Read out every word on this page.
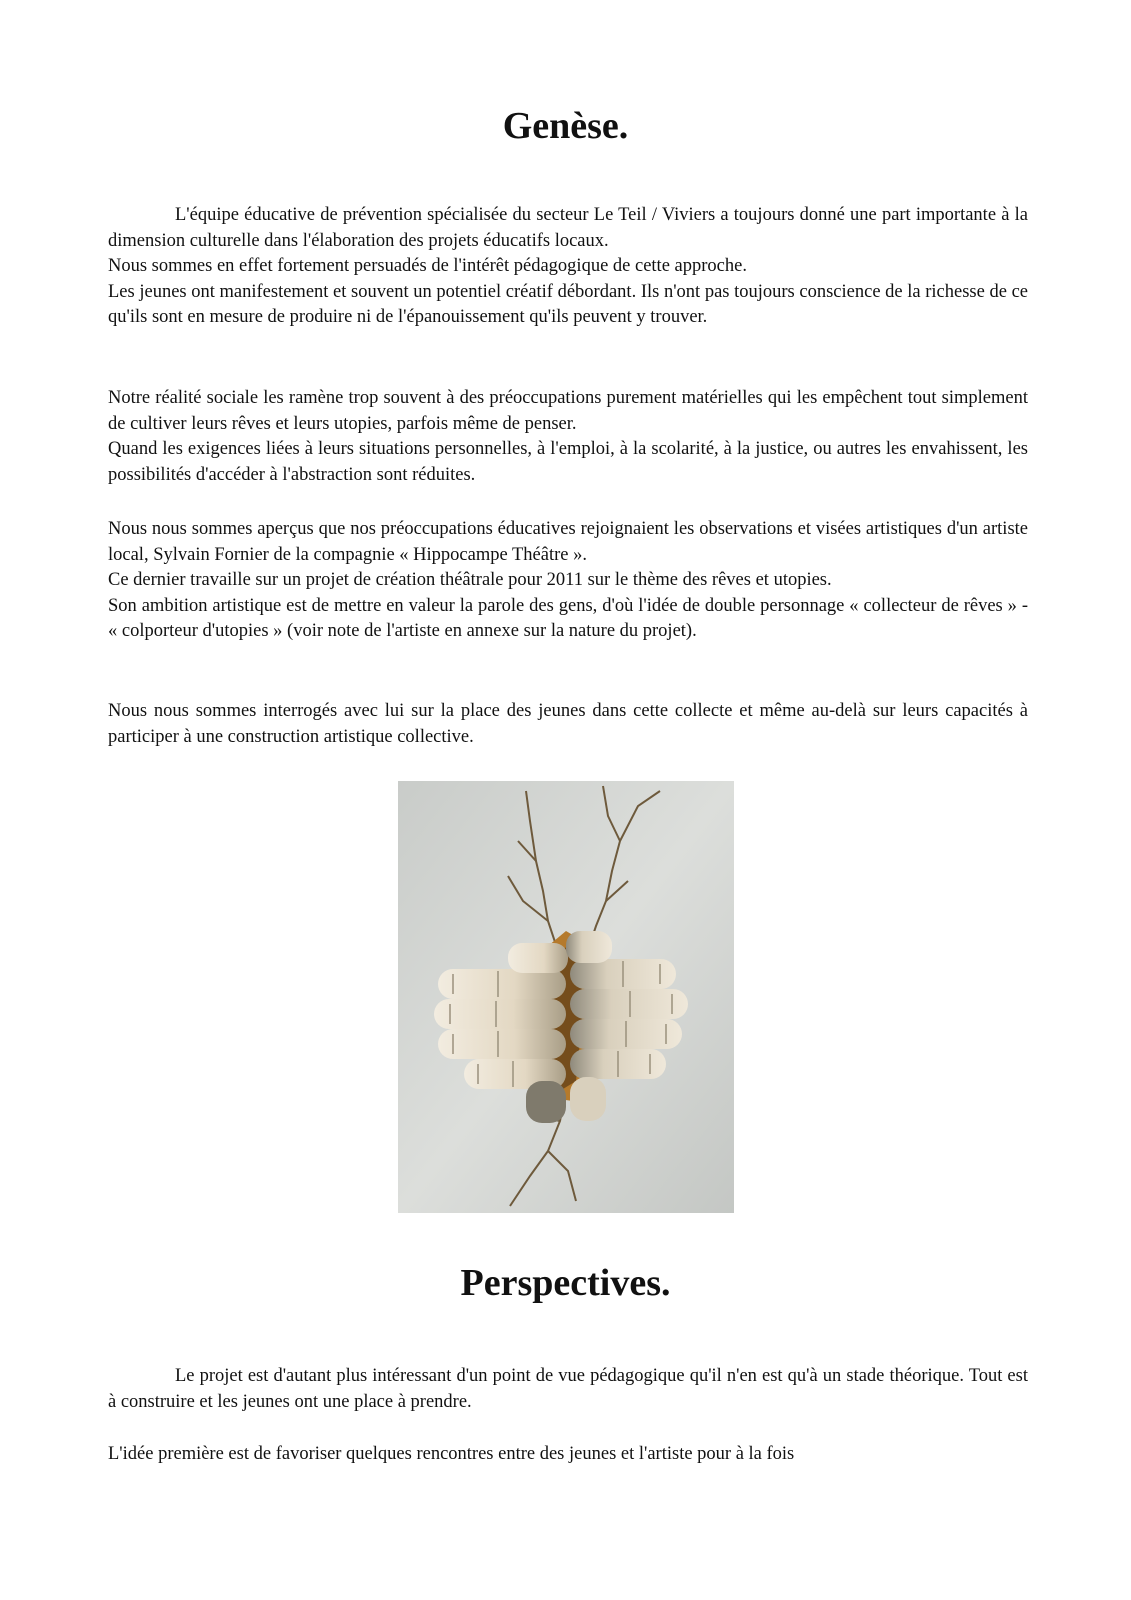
Genèse.

L'équipe éducative de prévention spécialisée du secteur Le Teil / Viviers a toujours donné une part importante à la dimension culturelle dans l'élaboration des projets éducatifs locaux.

Nous sommes en effet fortement persuadés de l'intérêt pédagogique de cette approche.

Les jeunes ont manifestement et souvent un potentiel créatif débordant. Ils n'ont pas toujours conscience de la richesse de ce qu'ils sont en mesure de produire ni de l'épanouissement qu'ils peuvent y trouver.

Notre réalité sociale les ramène trop souvent à des préoccupations purement matérielles qui les empêchent tout simplement de cultiver leurs rêves et leurs utopies, parfois même de penser.

Quand les exigences liées à leurs situations personnelles, à l'emploi, à la scolarité, à la justice, ou autres les envahissent, les possibilités d'accéder à l'abstraction sont réduites.

Nous nous sommes aperçus que nos préoccupations éducatives rejoignaient les observations et visées artistiques d'un artiste local, Sylvain Fornier de la compagnie « Hippocampe Théâtre ».

Ce dernier travaille sur un projet de création théâtrale pour 2011 sur le thème des rêves et utopies.

Son ambition artistique est de mettre en valeur la parole des gens, d'où l'idée de double personnage « collecteur de rêves » - « colporteur d'utopies » (voir note de l'artiste en annexe sur la nature du projet).

Nous nous sommes interrogés avec lui sur la place des jeunes dans cette collecte et même au-delà sur leurs capacités à participer à une construction artistique collective.

Perspectives.

Le projet est d'autant plus intéressant d'un point de vue pédagogique qu'il n'en est qu'à un stade théorique. Tout est à construire et les jeunes ont une place à prendre.

L'idée première est de favoriser quelques rencontres entre des jeunes et l'artiste pour à la fois
